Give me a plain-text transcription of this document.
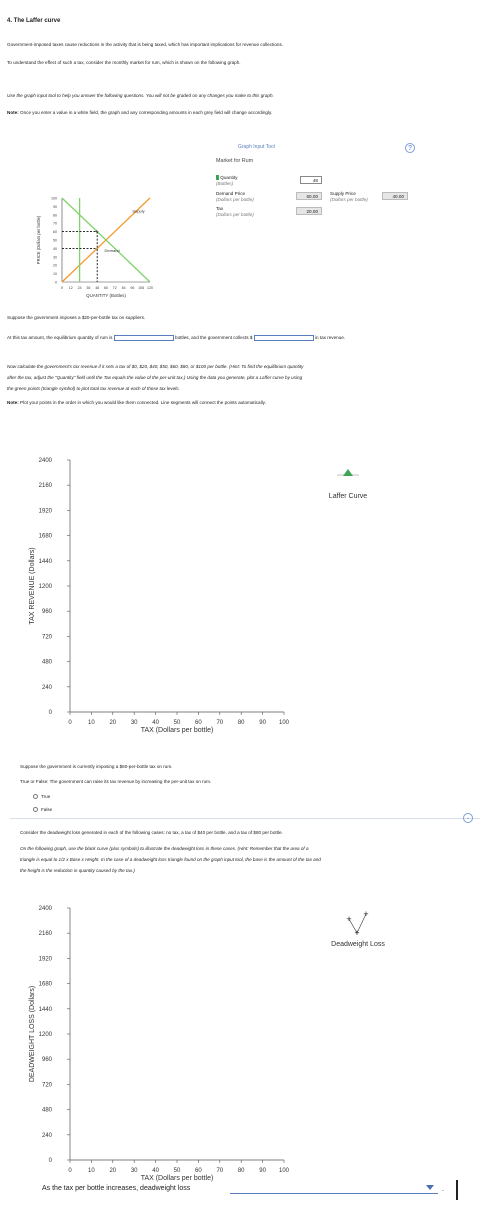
4. The Laffer curve
Government-imposed taxes cause reductions in the activity that is being taxed, which has important implications for revenue collections.
To understand the effect of such a tax, consider the monthly market for rum, which is shown on the following graph.
Use the graph input tool to help you answer the following questions. You will not be graded on any changes you make to this graph.
Note: Once you enter a value in a white field, the graph and any corresponding amounts in each grey field will change accordingly.
100
90
80
70
60
50
40
30
20
10
0
0 12 24 36 48 60 72 84 96 108 120
QUANTITY (Bottles)
PRICE (Dollars per bottle)
Supply
Demand
+
?
Graph Input Tool
Market for Rum
Quantity
(Bottles)
48
Demand Price
(Dollars per bottle)
60.00
Supply Price
(Dollars per bottle)
40.00
Tax
(Dollars per bottle)
20.00
Suppose the government imposes a $20-per-bottle tax on suppliers.
At this tax amount, the equilibrium quantity of rum is	bottles, and the government collects $	in tax revenue.
Now calculate the government's tax revenue if it sets a tax of $0, $20, $40, $50, $60, $80, or $100 per bottle. (Hint: To find the equilibrium quantity
after the tax, adjust the "Quantity" field until the Tax equals the value of the per-unit tax.) Using the data you generate, plot a Laffer curve by using
the green points (triangle symbol) to plot total tax revenue at each of those tax levels.
Note: Plot your points in the order in which you would like them connected. Line segments will connect the points automatically.
2400
2160
1920
1680
1440
1200
960
720
480
240
0
0	10 20 30 40 50 60 70 80 90 100
TAX (Dollars per bottle)
TAX REVENUE (Dollars)
Laffer Curve
Suppose the government is currently imposing a $60-per-bottle tax on rum.
True or False: The government can raise its tax revenue by increasing the per-unit tax on rum.
True
False
⌄
Consider the deadweight loss generated in each of the following cases: no tax, a tax of $40 per bottle, and a tax of $80 per bottle.
On the following graph, use the black curve (plus symbols) to illustrate the deadweight loss in these cases. (Hint: Remember that the area of a
triangle is equal to 1/2 x Base x Height. In the case of a deadweight loss triangle found on the graph input tool, the base is the amount of the tax and
the height is the reduction in quantity caused by the tax.)
2400
2160
1920
1680
1440
1200
960
720
480
240
0
0	10 20 30 40 50 60 70 80 90 100
TAX (Dollars per bottle)
DEADWEIGHT LOSS (Dollars)
Deadweight Loss
+
+
+
As the tax per bottle increases, deadweight loss	.
